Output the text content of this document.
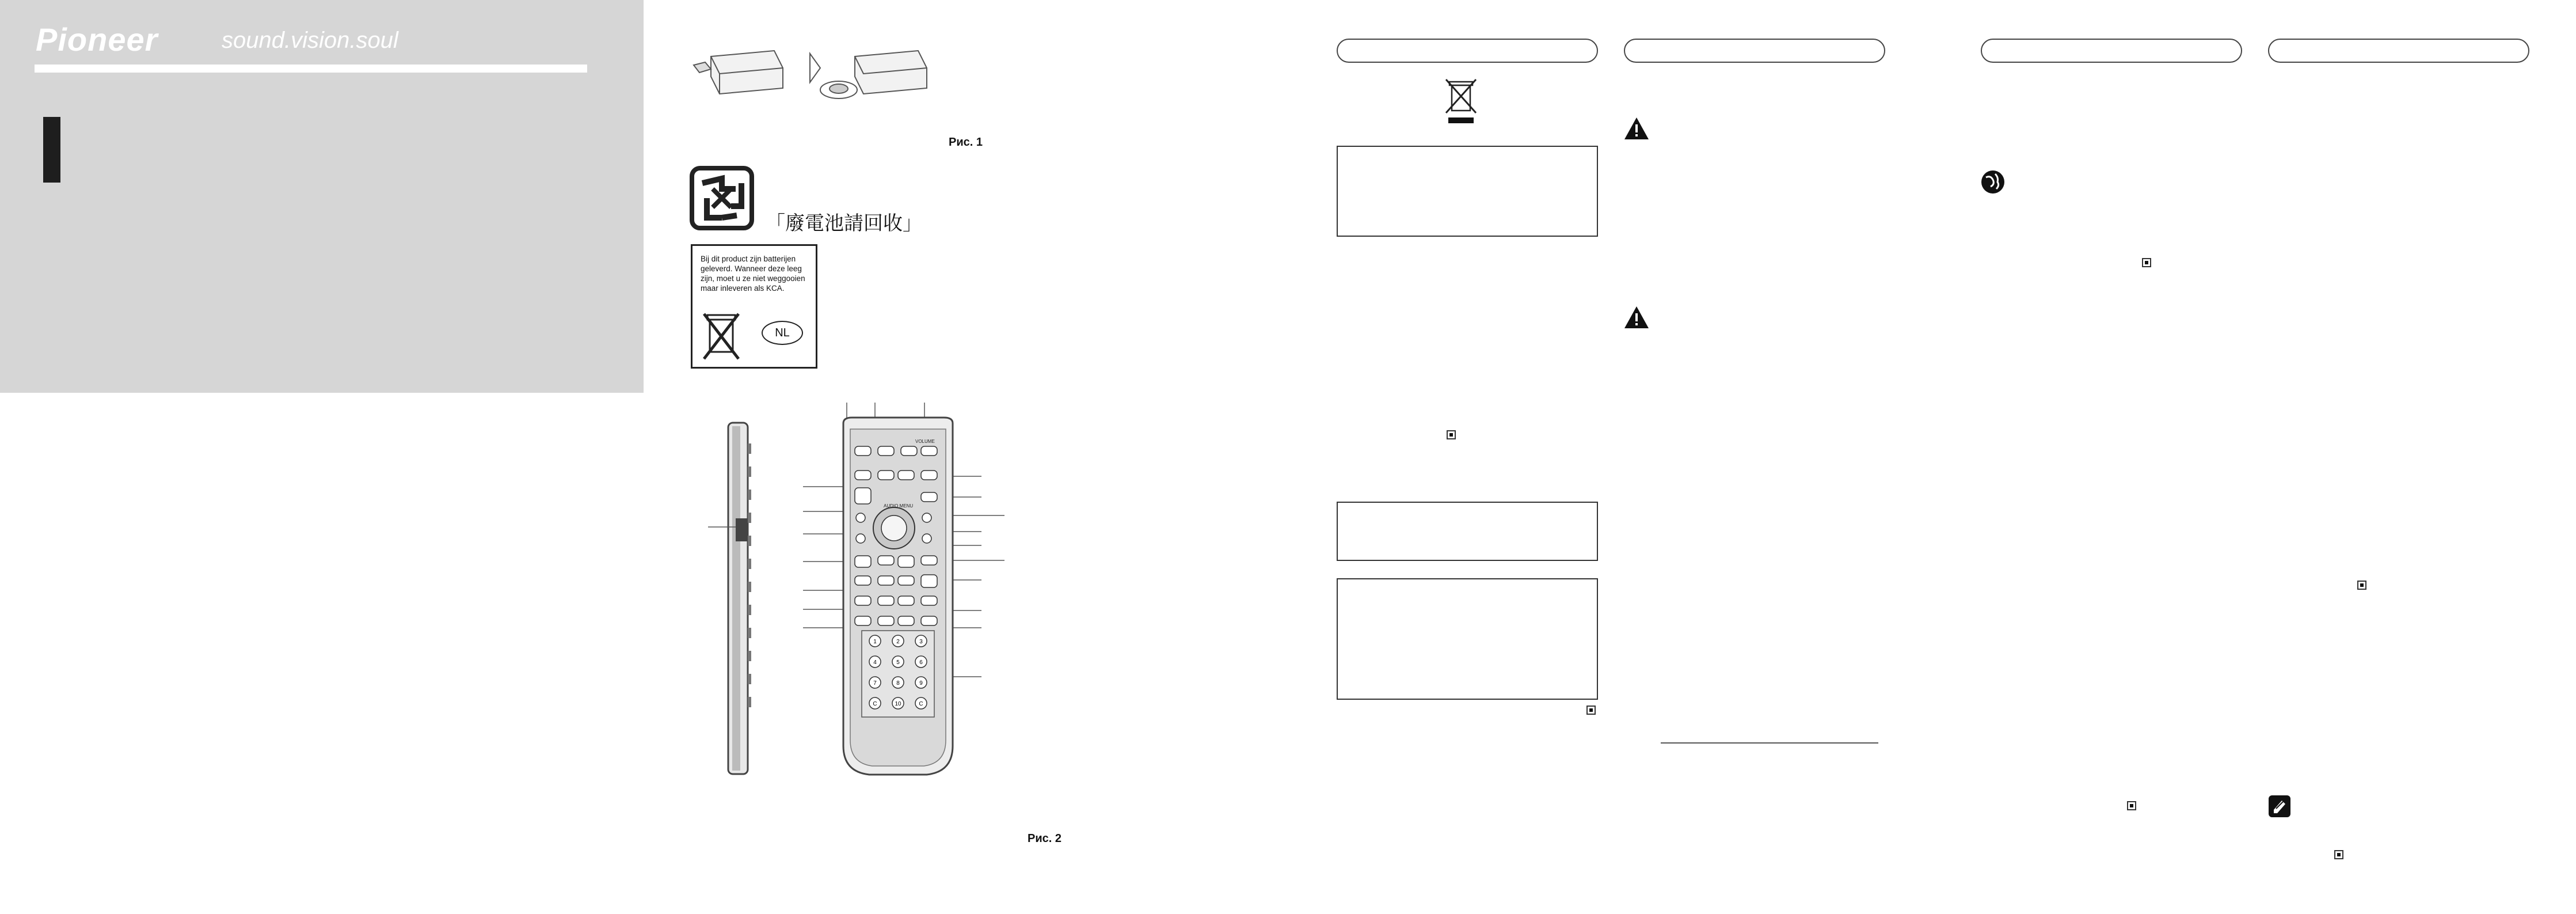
Pioneer	sound.vision.soul
Рис. 1
「廢電池請回收」
Bij dit product zijn batterijen geleverd. Wanneer deze leeg zijn, moet u ze niet weggooien maar inleveren als KCA.
NL
AUDIO MENU
VOLUME
1	2	3
4	5	6
7	8	9
C	10	C
Рис. 2
